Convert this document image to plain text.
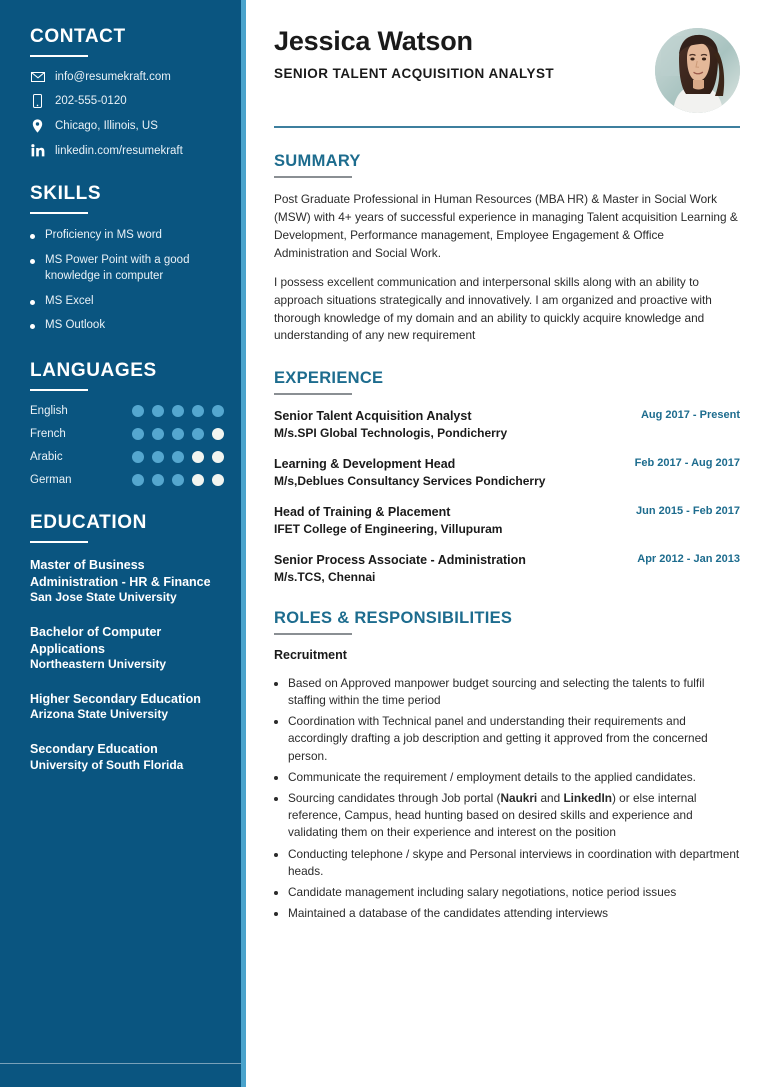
CONTACT
info@resumekraft.com
202-555-0120
Chicago, Illinois, US
linkedin.com/resumekraft
SKILLS
Proficiency in MS word
MS Power Point with a good knowledge in computer
MS Excel
MS Outlook
LANGUAGES
English
French
Arabic
German
EDUCATION
Master of Business Administration - HR & Finance
San Jose State University
Bachelor of Computer Applications
Northeastern University
Higher Secondary Education
Arizona State University
Secondary Education
University of South Florida
Jessica Watson
SENIOR TALENT ACQUISITION ANALYST
SUMMARY

Post Graduate Professional in Human Resources (MBA HR) & Master in Social Work (MSW) with 4+ years of successful experience in managing Talent acquisition Learning & Development, Performance management, Employee Engagement & Office Administration and Social Work.

I possess excellent communication and interpersonal skills along with an ability to approach situations strategically and innovatively. I am organized and proactive with thorough knowledge of my domain and an ability to quickly acquire knowledge and understanding of any new requirement

EXPERIENCE
Senior Talent Acquisition Analyst
M/s.SPI Global Technologis, Pondicherry
Aug 2017 - Present
Learning & Development Head
M/s,Deblues Consultancy Services Pondicherry
Feb 2017 - Aug 2017
Head of Training & Placement
IFET College of Engineering, Villupuram
Jun 2015 - Feb 2017
Senior Process Associate - Administration
M/s.TCS, Chennai
Apr 2012 - Jan 2013
ROLES & RESPONSIBILITIES
Recruitment
Based on Approved manpower budget sourcing and selecting the talents to fulfil staffing within the time period
Coordination with Technical panel and understanding their requirements and accordingly drafting a job description and getting it approved from the concerned person.
Communicate the requirement / employment details to the applied candidates.
Sourcing candidates through Job portal (Naukri and LinkedIn) or else internal reference, Campus, head hunting based on desired skills and experience and validating them on their experience and interest on the position
Conducting telephone / skype and Personal interviews in coordination with department heads.
Candidate management including salary negotiations, notice period issues
Maintained a database of the candidates attending interviews
